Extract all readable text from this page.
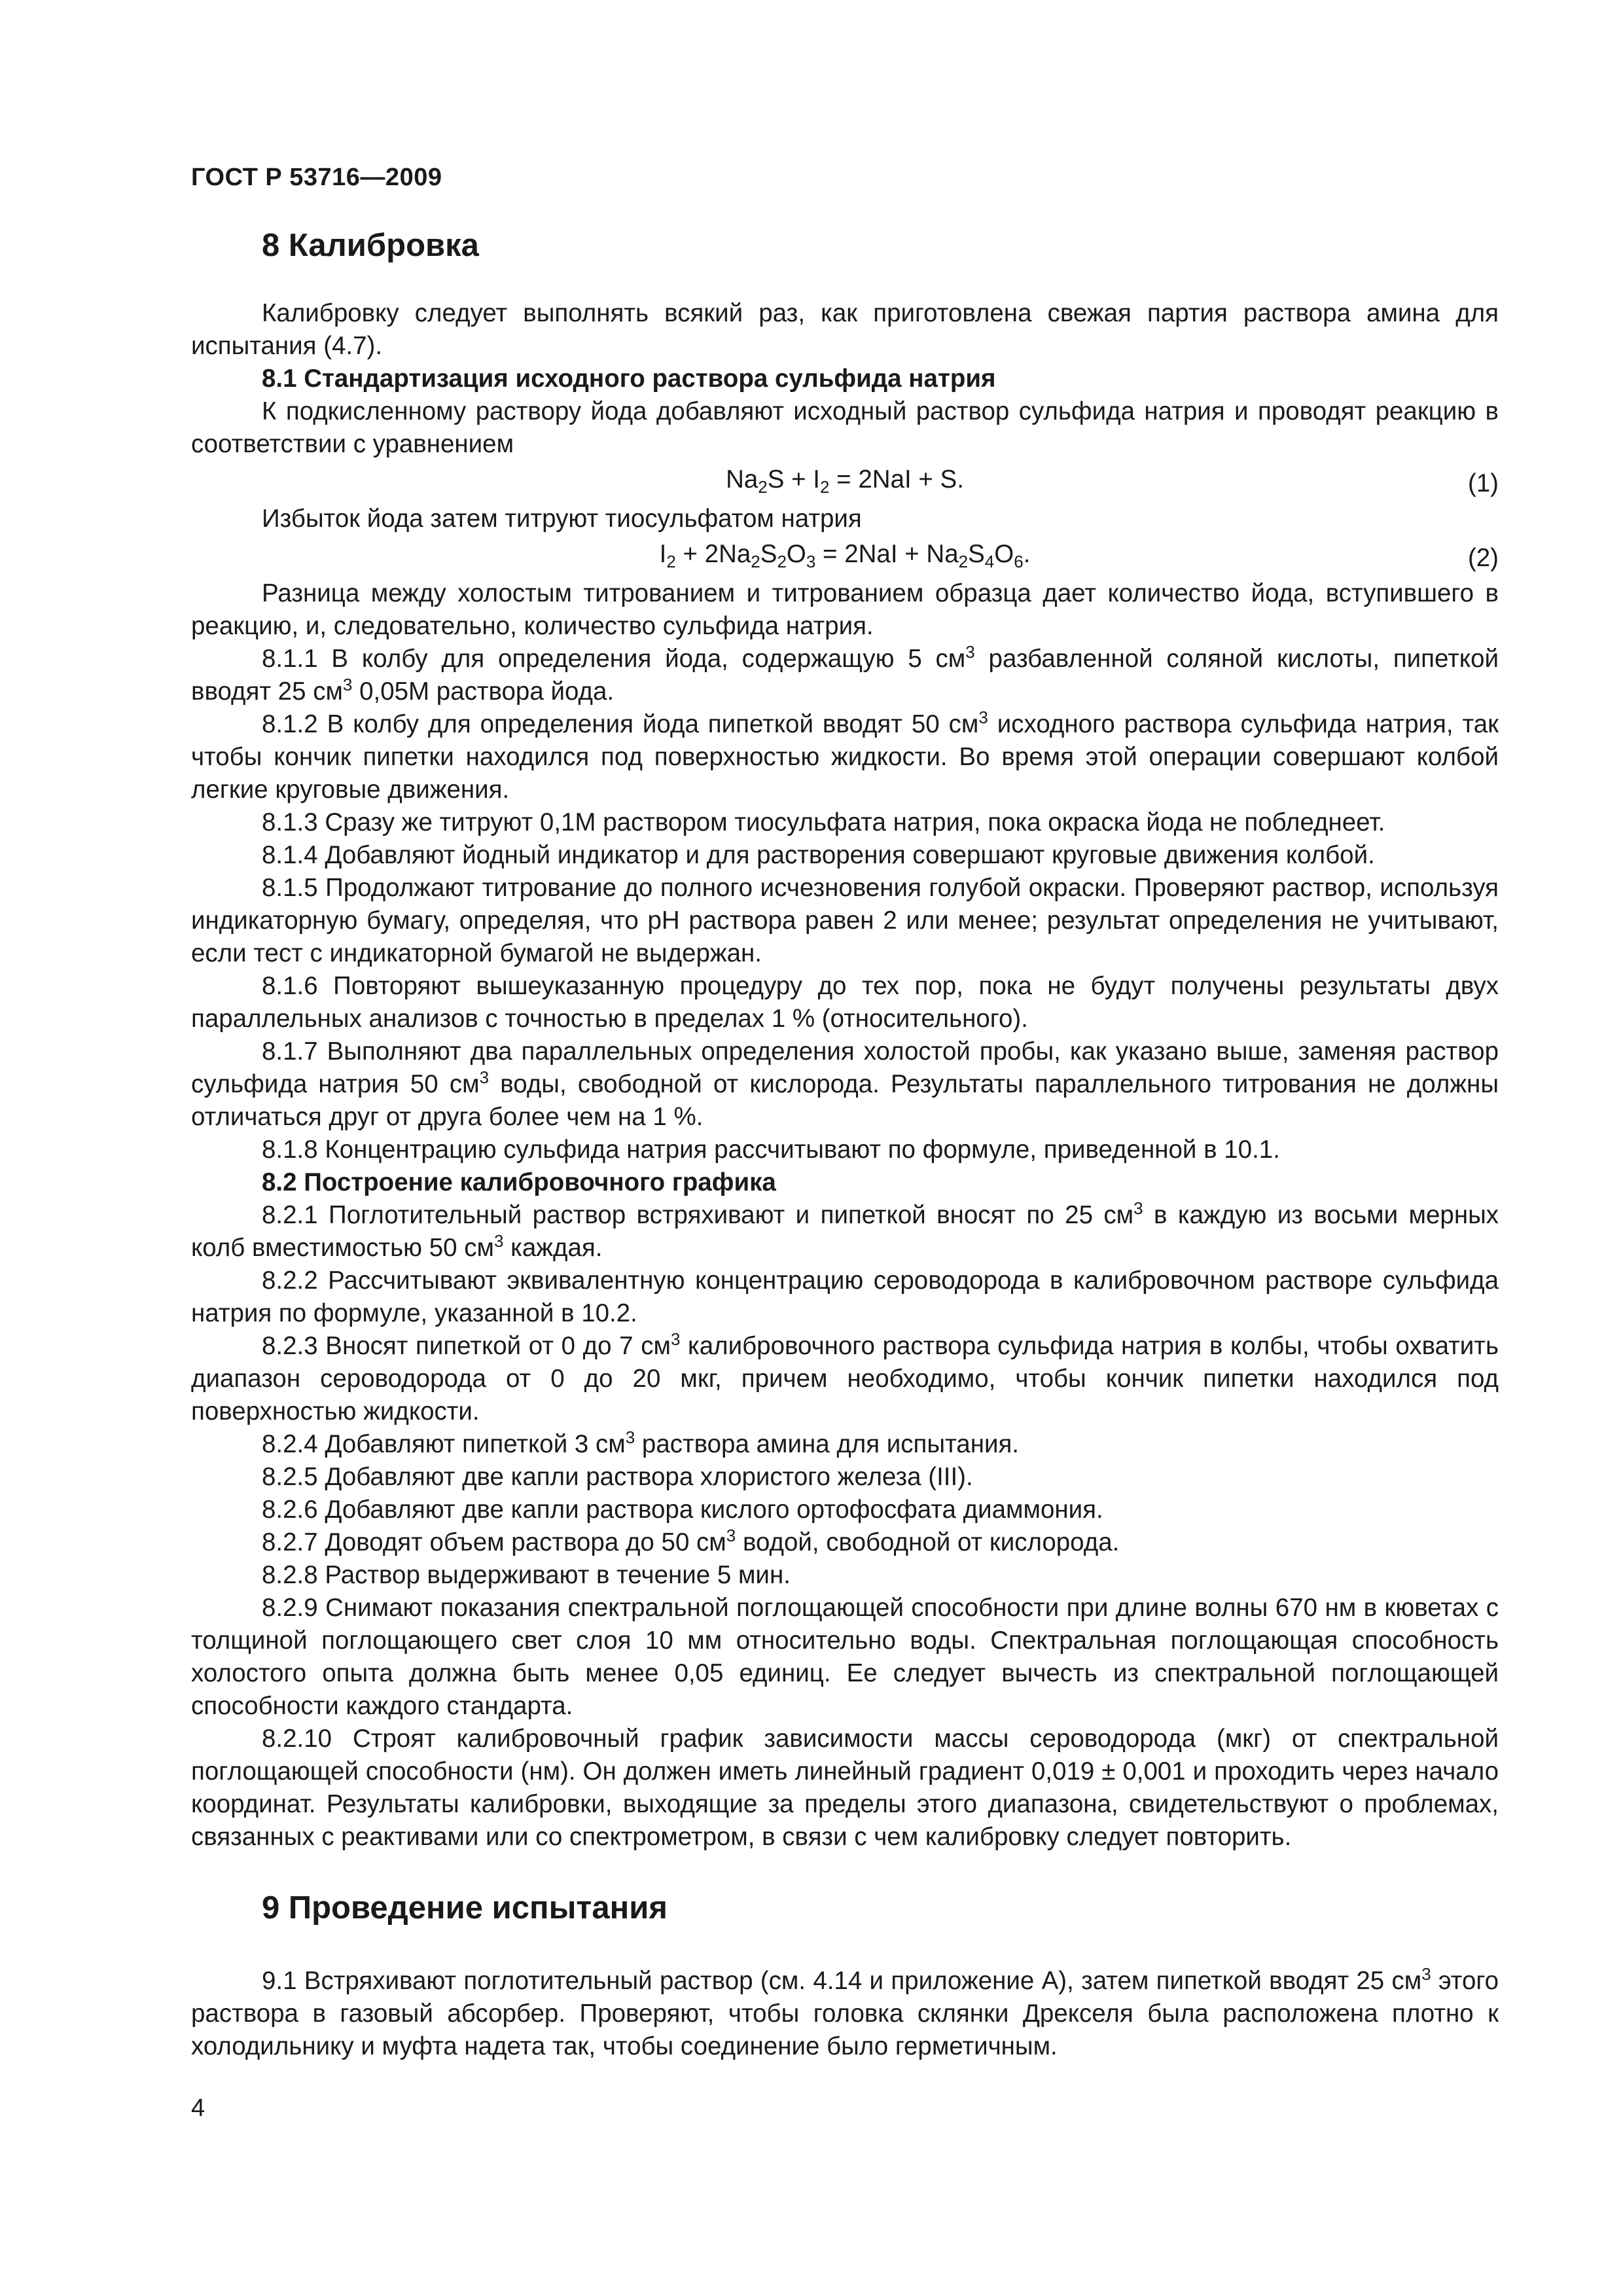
ГОСТ Р 53716—2009
8 Калибровка

Калибровку следует выполнять всякий раз, как приготовлена свежая партия раствора амина для испытания (4.7).

8.1 Стандартизация исходного раствора сульфида натрия

К подкисленному раствору йода добавляют исходный раствор сульфида натрия и проводят реакцию в соответствии с уравнением

$Na_2S + I_2 = 2NaI + S$.	(1)

Избыток йода затем титруют тиосульфатом натрия

$I_2 + 2Na_2S_2O_3 = 2NaI + Na_2S_4O_6$.	(2)

Разница между холостым титрованием и титрованием образца дает количество йода, вступившего в реакцию, и, следовательно, количество сульфида натрия.

8.1.1 В колбу для определения йода, содержащую 5 $см^3$ разбавленной соляной кислоты, пипеткой вводят 25 $см^3$ 0,05М раствора йода.

8.1.2 В колбу для определения йода пипеткой вводят 50 $см^3$ исходного раствора сульфида натрия, так чтобы кончик пипетки находился под поверхностью жидкости. Во время этой операции совершают колбой легкие круговые движения.

8.1.3 Сразу же титруют 0,1М раствором тиосульфата натрия, пока окраска йода не побледнеет.

8.1.4 Добавляют йодный индикатор и для растворения совершают круговые движения колбой.

8.1.5 Продолжают титрование до полного исчезновения голубой окраски. Проверяют раствор, используя индикаторную бумагу, определяя, что pH раствора равен 2 или менее; результат определения не учитывают, если тест с индикаторной бумагой не выдержан.

8.1.6 Повторяют вышеуказанную процедуру до тех пор, пока не будут получены результаты двух параллельных анализов с точностью в пределах 1 % (относительного).

8.1.7 Выполняют два параллельных определения холостой пробы, как указано выше, заменяя раствор сульфида натрия 50 $см^3$ воды, свободной от кислорода. Результаты параллельного титрования не должны отличаться друг от друга более чем на 1 %.

8.1.8 Концентрацию сульфида натрия рассчитывают по формуле, приведенной в 10.1.

8.2 Построение калибровочного графика

8.2.1 Поглотительный раствор встряхивают и пипеткой вносят по 25 $см^3$ в каждую из восьми мерных колб вместимостью 50 $см^3$ каждая.

8.2.2 Рассчитывают эквивалентную концентрацию сероводорода в калибровочном растворе сульфида натрия по формуле, указанной в 10.2.

8.2.3 Вносят пипеткой от 0 до 7 $см^3$ калибровочного раствора сульфида натрия в колбы, чтобы охватить диапазон сероводорода от 0 до 20 мкг, причем необходимо, чтобы кончик пипетки находился под поверхностью жидкости.

8.2.4 Добавляют пипеткой 3 $см^3$ раствора амина для испытания.

8.2.5 Добавляют две капли раствора хлористого железа (III).

8.2.6 Добавляют две капли раствора кислого ортофосфата диаммония.

8.2.7 Доводят объем раствора до 50 $см^3$ водой, свободной от кислорода.

8.2.8 Раствор выдерживают в течение 5 мин.

8.2.9 Снимают показания спектральной поглощающей способности при длине волны 670 нм в кюветах с толщиной поглощающего свет слоя 10 мм относительно воды. Спектральная поглощающая способность холостого опыта должна быть менее 0,05 единиц. Ее следует вычесть из спектральной поглощающей способности каждого стандарта.

8.2.10 Строят калибровочный график зависимости массы сероводорода (мкг) от спектральной поглощающей способности (нм). Он должен иметь линейный градиент 0,019 ± 0,001 и проходить через начало координат. Результаты калибровки, выходящие за пределы этого диапазона, свидетельствуют о проблемах, связанных с реактивами или со спектрометром, в связи с чем калибровку следует повторить.

9 Проведение испытания

9.1 Встряхивают поглотительный раствор (см. 4.14 и приложение А), затем пипеткой вводят 25 $см^3$ этого раствора в газовый абсорбер. Проверяют, чтобы головка склянки Дрекселя была расположена плотно к холодильнику и муфта надета так, чтобы соединение было герметичным.

4
